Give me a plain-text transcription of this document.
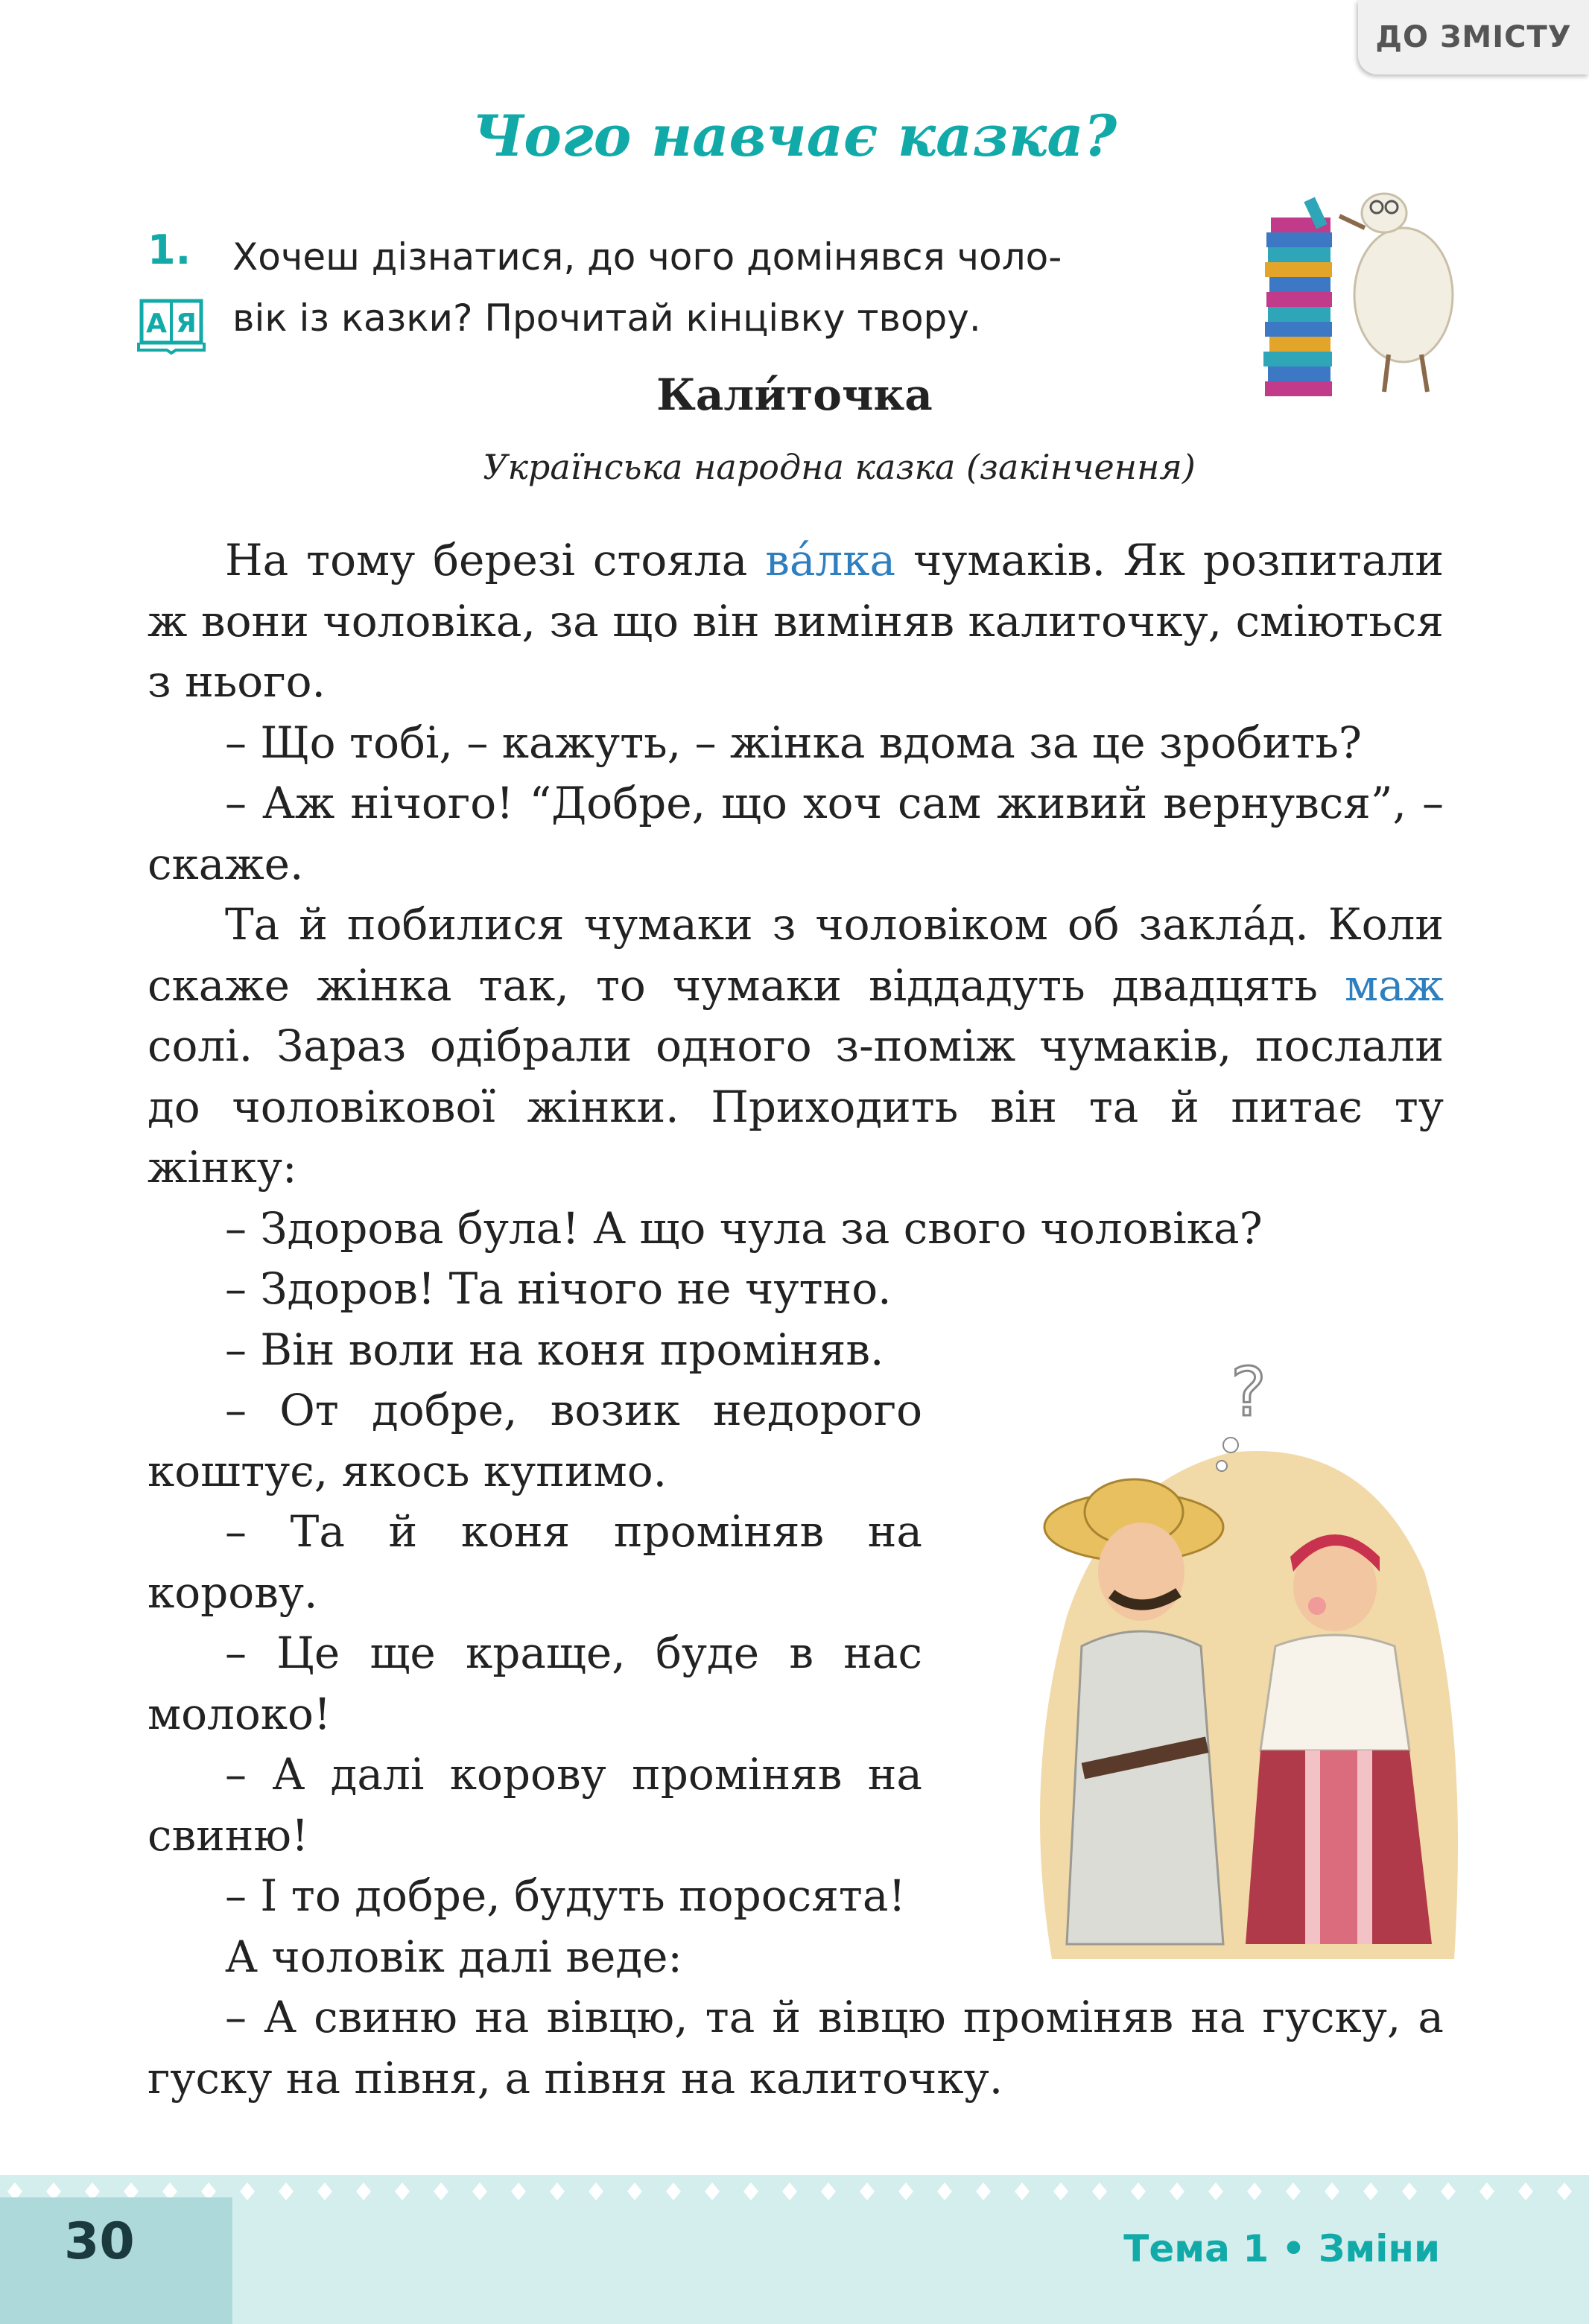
ДО ЗМІСТУ
Чого навчає казка?
1. Хочеш дізнатися, до чого домінявся чоло-
вік із казки? Прочитай кінцівку твору.

А Я
Кали́точка

Українська народна казка (закінчення)

На тому березі стояла ва́лка чумаків. Як розпитали ж вони чоловіка, за що він виміняв калиточку, сміються з нього.

– Що тобі, – кажуть, – жінка вдома за це зробить?

– Аж нічого! “Добре, що хоч сам живий вернувся”, – скаже.

Та й побилися чумаки з чоловіком об закла́д. Коли скаже жінка так, то чумаки віддадуть двадцять маж солі. Зараз одібрали одного з-поміж чумаків, послали до чоловікової жінки. Приходить він та й питає ту жінку:

– Здорова була! А що чула за свого чоловіка?

– Здоров! Та нічого не чутно.

– Він воли на коня проміняв.

– От добре, возик недорого коштує, якось купимо.

– Та й коня проміняв на корову.

– Це ще краще, буде в нас молоко!

– А далі корову проміняв на свиню!

– І то добре, будуть поросята!

А чоловік далі веде:

– А свиню на вівцю, та й вівцю проміняв на гуску, а гуску на півня, а півня на калиточку.

?
30	Тема 1 • Зміни
